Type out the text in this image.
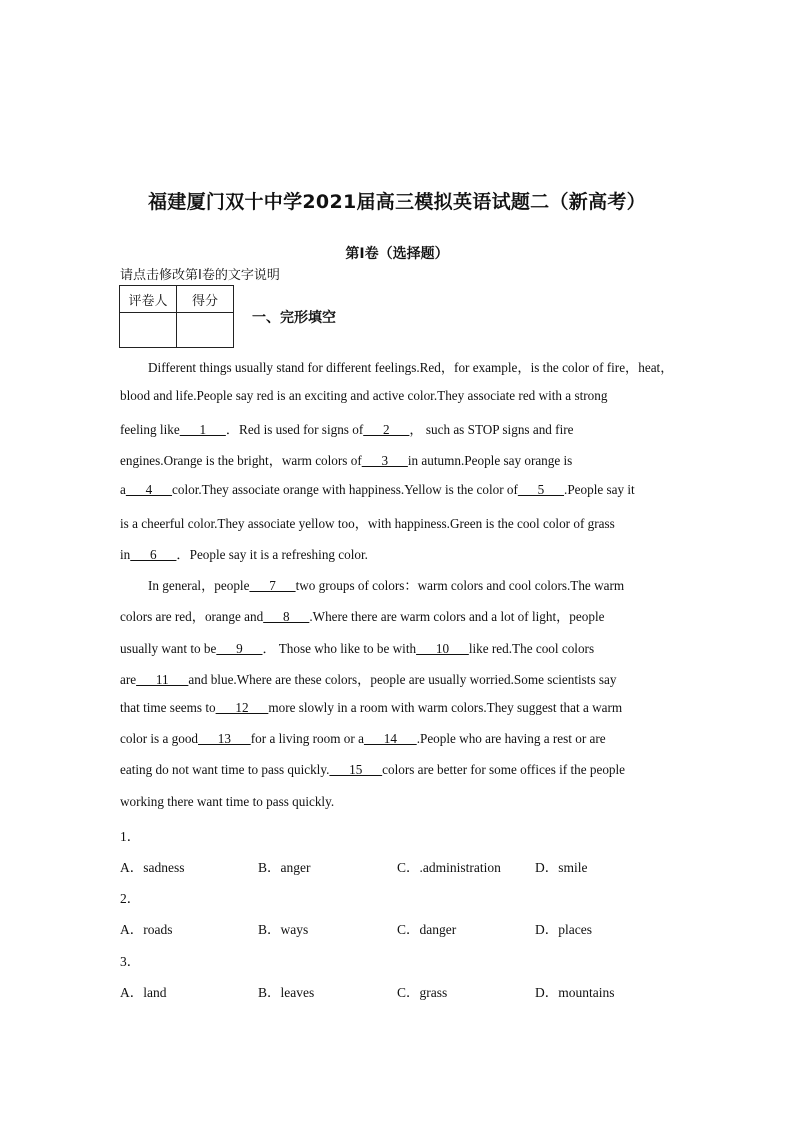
福建厦门双十中学2021届高三模拟英语试题二（新高考）
第Ⅰ卷（选择题）
请点击修改第Ⅰ卷的文字说明
评卷人	得分

一、完形填空
Different things usually stand for different feelings.Red，for example，is the color of fire，heat，
blood and life.People say red is an exciting and active color.They associate red with a strong
feeling like      1      ．Red is used for signs of      2      ， such as STOP signs and fire
engines.Orange is the bright，warm colors of      3      in autumn.People say orange is
a      4      color.They associate orange with happiness.Yellow is the color of      5      .People say it
is a cheerful color.They associate yellow too，with happiness.Green is the cool color of grass
in      6      ．People say it is a refreshing color.
In general，people      7      two groups of colors：warm colors and cool colors.The warm
colors are red，orange and      8      .Where there are warm colors and a lot of light，people
usually want to be      9      ． Those who like to be with      10      like red.The cool colors
are      11      and blue.Where are these colors，people are usually worried.Some scientists say
that time seems to      12      more slowly in a room with warm colors.They suggest that a warm
color is a good      13      for a living room or a      14      .People who are having a rest or are
eating do not want time to pass quickly.      15      colors are better for some offices if the people
working there want time to pass quickly.
1．
A．sadness	B．anger	C．.administration	D．smile
2．
A．roads	B．ways	C．danger	D．places
3．
A．land	B．leaves	C．grass	D．mountains
